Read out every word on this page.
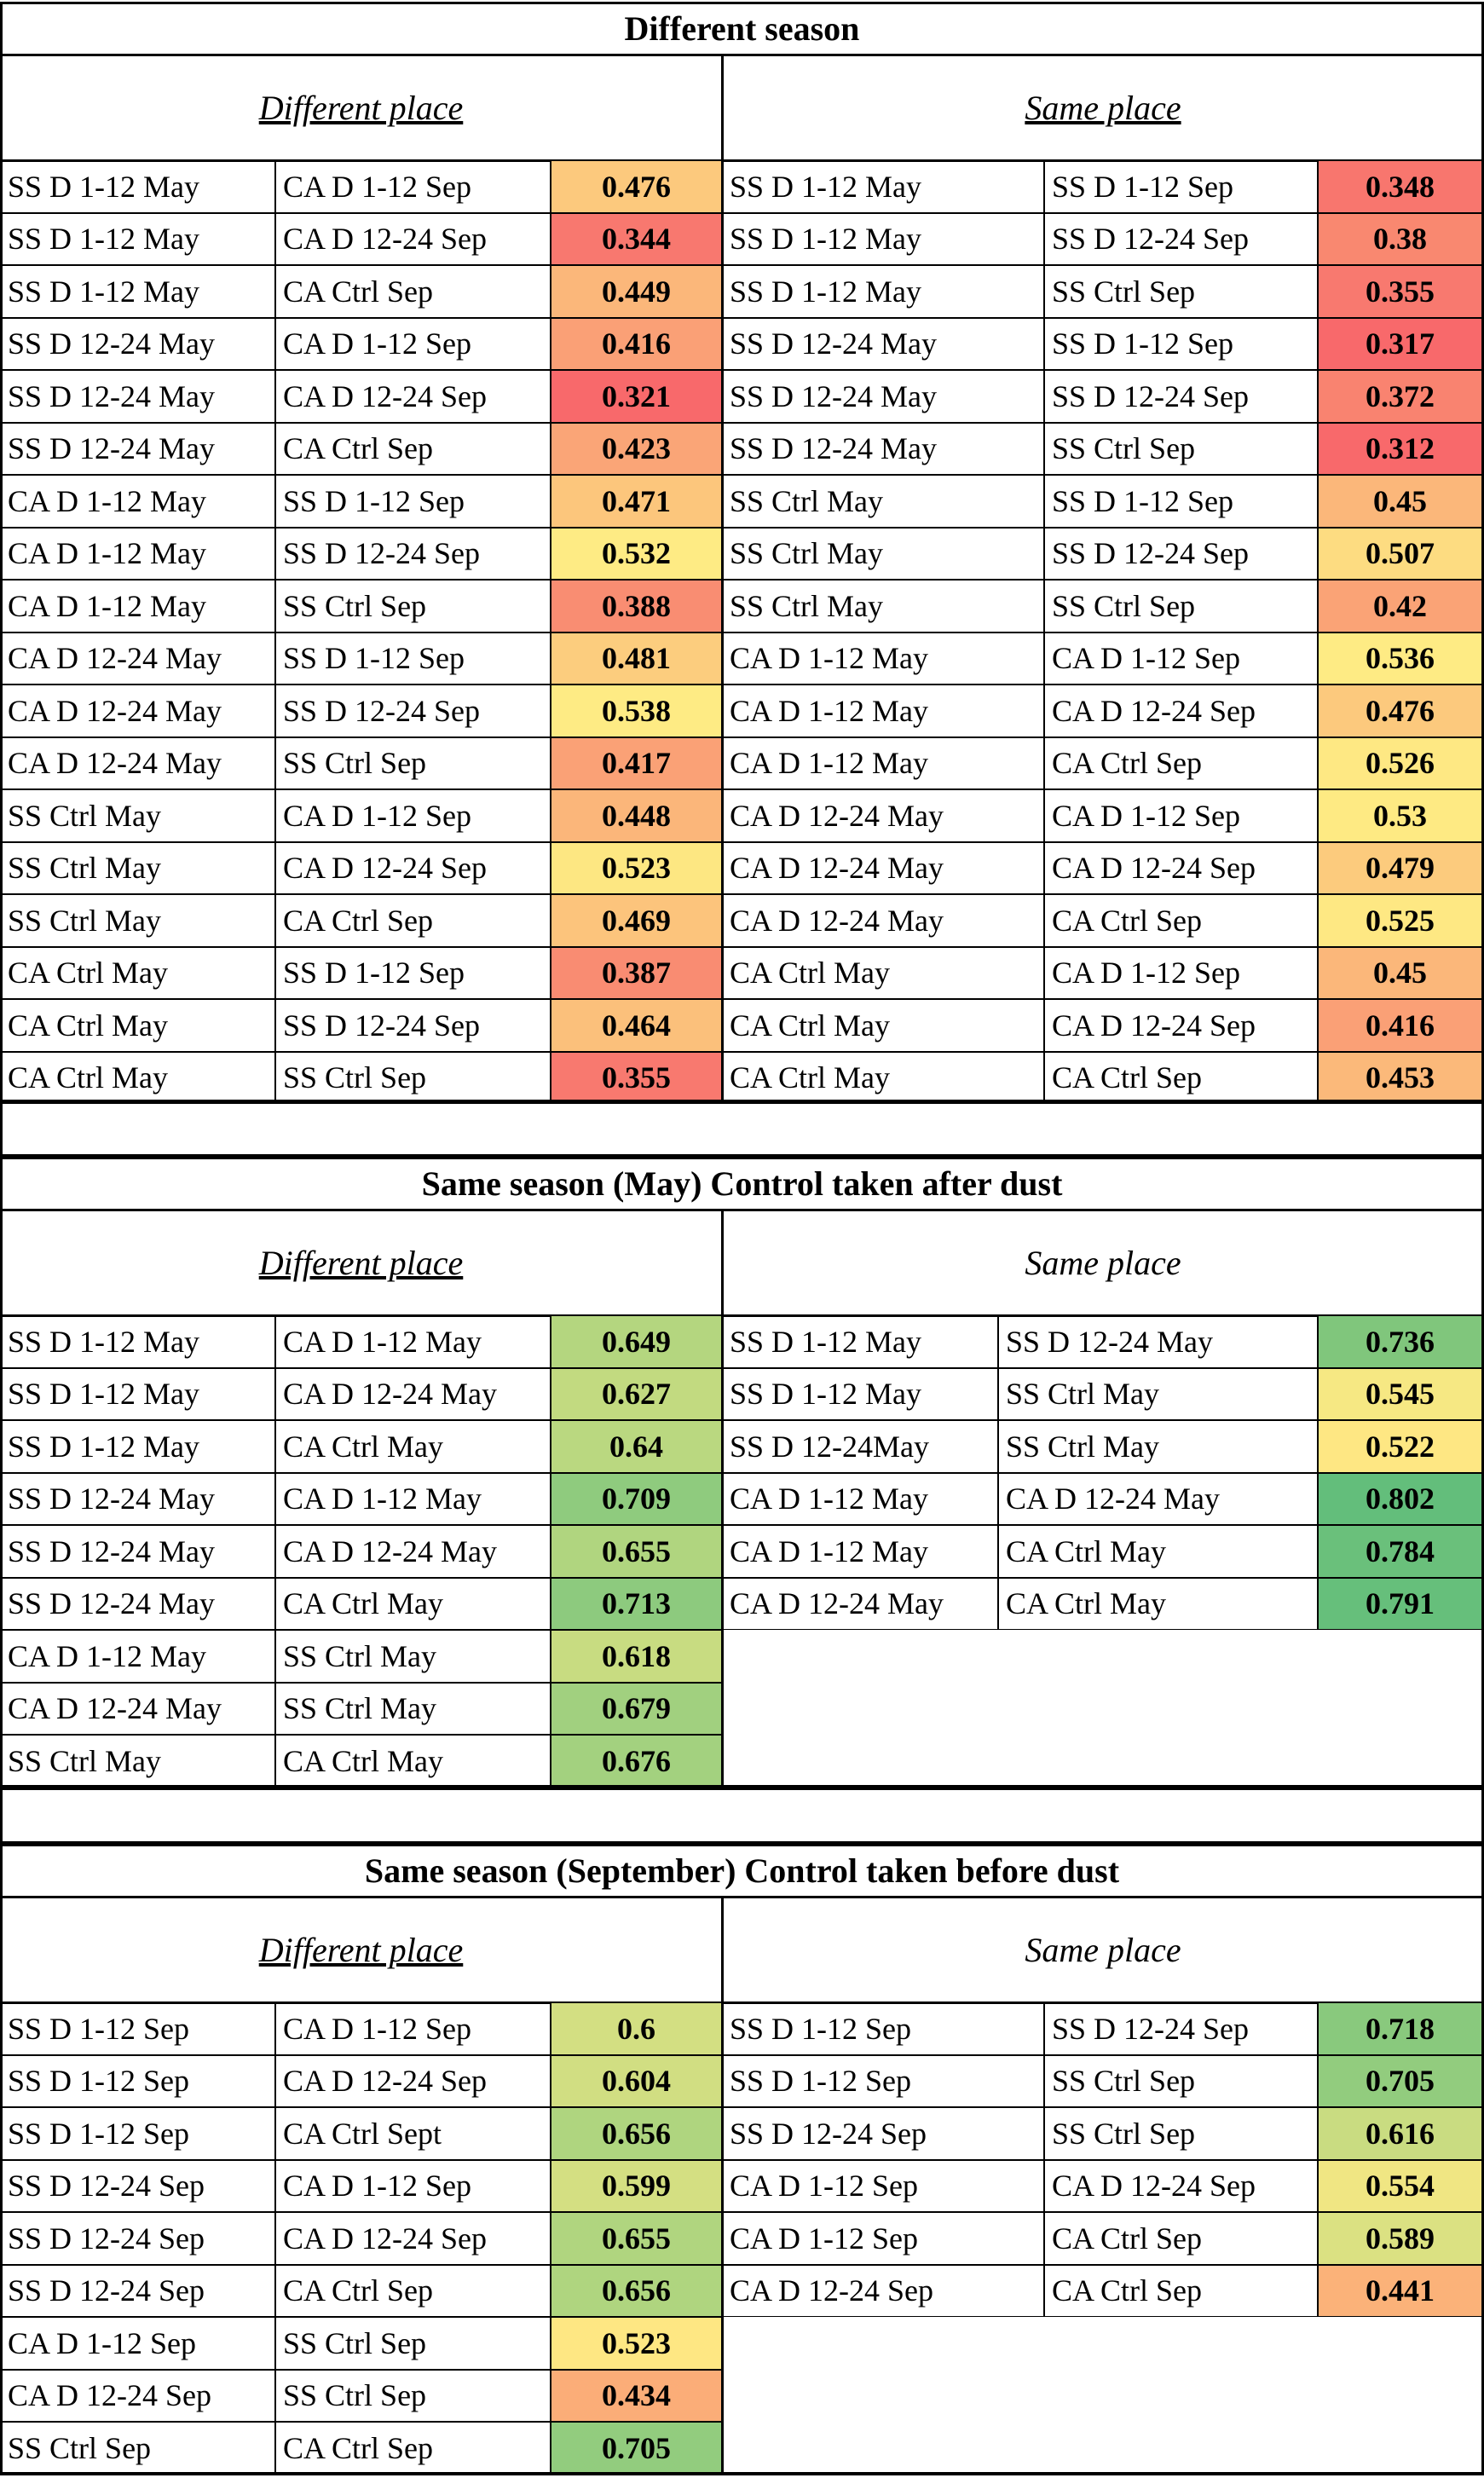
Different season
Different place	Same place
SS D 1-12 May	CA D 1-12 Sep	0.476
SS D 1-12 May	CA D 12-24 Sep	0.344
SS D 1-12 May	CA Ctrl Sep	0.449
SS D 12-24 May	CA D 1-12 Sep	0.416
SS D 12-24 May	CA D 12-24 Sep	0.321
SS D 12-24 May	CA Ctrl Sep	0.423
CA D 1-12 May	SS D 1-12 Sep	0.471
CA D 1-12 May	SS D 12-24 Sep	0.532
CA D 1-12 May	SS Ctrl Sep	0.388
CA D 12-24 May	SS D 1-12 Sep	0.481
CA D 12-24 May	SS D 12-24 Sep	0.538
CA D 12-24 May	SS Ctrl Sep	0.417
SS Ctrl May	CA D 1-12 Sep	0.448
SS Ctrl May	CA D 12-24 Sep	0.523
SS Ctrl May	CA Ctrl Sep	0.469
CA Ctrl May	SS D 1-12 Sep	0.387
CA Ctrl May	SS D 12-24 Sep	0.464
CA Ctrl May	SS Ctrl Sep	0.355
SS D 1-12 May	SS D 1-12 Sep	0.348
SS D 1-12 May	SS D 12-24 Sep	0.38
SS D 1-12 May	SS Ctrl Sep	0.355
SS D 12-24 May	SS D 1-12 Sep	0.317
SS D 12-24 May	SS D 12-24 Sep	0.372
SS D 12-24 May	SS Ctrl Sep	0.312
SS Ctrl May	SS D 1-12 Sep	0.45
SS Ctrl May	SS D 12-24 Sep	0.507
SS Ctrl May	SS Ctrl Sep	0.42
CA D 1-12 May	CA D 1-12 Sep	0.536
CA D 1-12 May	CA D 12-24 Sep	0.476
CA D 1-12 May	CA Ctrl Sep	0.526
CA D 12-24 May	CA D 1-12 Sep	0.53
CA D 12-24 May	CA D 12-24 Sep	0.479
CA D 12-24 May	CA Ctrl Sep	0.525
CA Ctrl May	CA D 1-12 Sep	0.45
CA Ctrl May	CA D 12-24 Sep	0.416
CA Ctrl May	CA Ctrl Sep	0.453
Same season (May) Control taken after dust
Different place	Same place
SS D 1-12 May	CA D 1-12 May	0.649
SS D 1-12 May	CA D 12-24 May	0.627
SS D 1-12 May	CA Ctrl May	0.64
SS D 12-24 May	CA D 1-12 May	0.709
SS D 12-24 May	CA D 12-24 May	0.655
SS D 12-24 May	CA Ctrl May	0.713
CA D 1-12 May	SS Ctrl May	0.618
CA D 12-24 May	SS Ctrl May	0.679
SS Ctrl May	CA Ctrl May	0.676
SS D 1-12 May	SS D 12-24 May	0.736
SS D 1-12 May	SS Ctrl May	0.545
SS D 12-24May	SS Ctrl May	0.522
CA D 1-12 May	CA D 12-24 May	0.802
CA D 1-12 May	CA Ctrl May	0.784
CA D 12-24 May	CA Ctrl May	0.791
Same season (September) Control taken before dust
Different place	Same place
SS D 1-12 Sep	CA D 1-12 Sep	0.6
SS D 1-12 Sep	CA D 12-24 Sep	0.604
SS D 1-12 Sep	CA Ctrl Sept	0.656
SS D 12-24 Sep	CA D 1-12 Sep	0.599
SS D 12-24 Sep	CA D 12-24 Sep	0.655
SS D 12-24 Sep	CA Ctrl Sep	0.656
CA D 1-12 Sep	SS Ctrl Sep	0.523
CA D 12-24 Sep	SS Ctrl Sep	0.434
SS Ctrl Sep	CA Ctrl Sep	0.705
SS D 1-12 Sep	SS D 12-24 Sep	0.718
SS D 1-12 Sep	SS Ctrl Sep	0.705
SS D 12-24 Sep	SS Ctrl Sep	0.616
CA D 1-12 Sep	CA D 12-24 Sep	0.554
CA D 1-12 Sep	CA Ctrl Sep	0.589
CA D 12-24 Sep	CA Ctrl Sep	0.441
